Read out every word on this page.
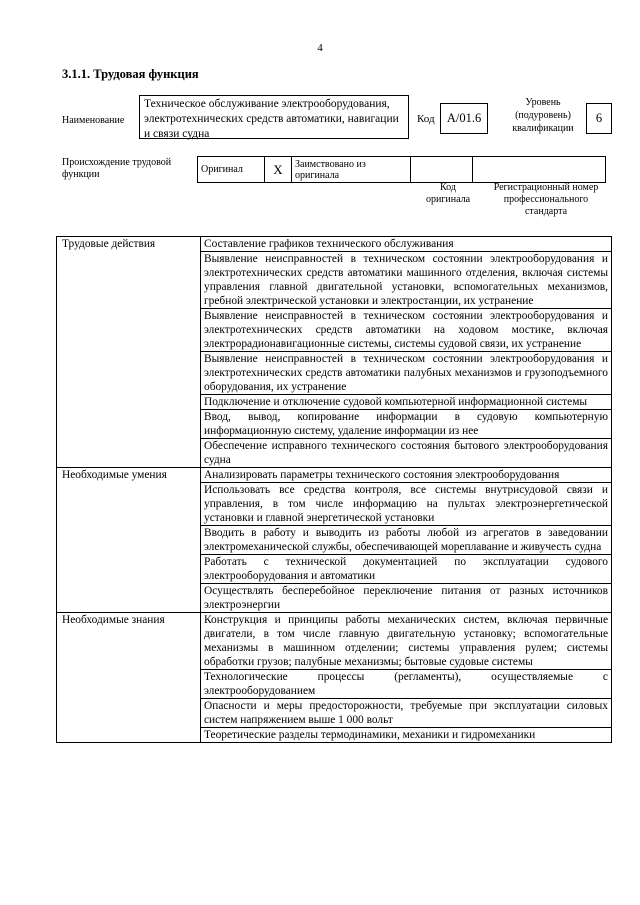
4
3.1.1. Трудовая функция
Наименование
Техническое обслуживание электрооборудования, электротехнических средств автоматики, навигации и связи судна
Код A/01.6
Уровень (подуровень) квалификации
6
Происхождение трудовой функции	Оригинал	X	Заимствовано из оригинала		
Код оригинала
Регистрационный номер профессионального стандарта
Трудовые действия	Составление графиков технического обслуживания
	Выявление неисправностей в техническом состоянии электрооборудования и электротехнических средств автоматики машинного отделения, включая системы управления главной двигательной установки, вспомогательных механизмов, гребной электрической установки и электростанции, их устранение
	Выявление неисправностей в техническом состоянии электрооборудования и электротехнических средств автоматики на ходовом мостике, включая электрорадионавигационные системы, системы судовой связи, их устранение
	Выявление неисправностей в техническом состоянии электрооборудования и электротехнических средств автоматики палубных механизмов и грузоподъемного оборудования, их устранение
	Подключение и отключение судовой компьютерной информационной системы
	Ввод, вывод, копирование информации в судовую компьютерную информационную систему, удаление информации из нее
	Обеспечение исправного технического состояния бытового электрооборудования судна
Необходимые умения	Анализировать параметры технического состояния электрооборудования
	Использовать все средства контроля, все системы внутрисудовой связи и управления, в том числе информацию на пультах электроэнергетической установки и главной энергетической установки
	Вводить в работу и выводить из работы любой из агрегатов в заведовании электромеханической службы, обеспечивающей мореплавание и живучесть судна
	Работать с технической документацией по эксплуатации судового электрооборудования и автоматики
	Осуществлять бесперебойное переключение питания от разных источников электроэнергии
Необходимые знания	Конструкция и принципы работы механических систем, включая первичные двигатели, в том числе главную двигательную установку; вспомогательные механизмы в машинном отделении; системы управления рулем; системы обработки грузов; палубные механизмы; бытовые судовые системы
	Технологические процессы (регламенты), осуществляемые с электрооборудованием
	Опасности и меры предосторожности, требуемые при эксплуатации силовых систем напряжением выше 1 000 вольт
	Теоретические разделы термодинамики, механики и гидромеханики
